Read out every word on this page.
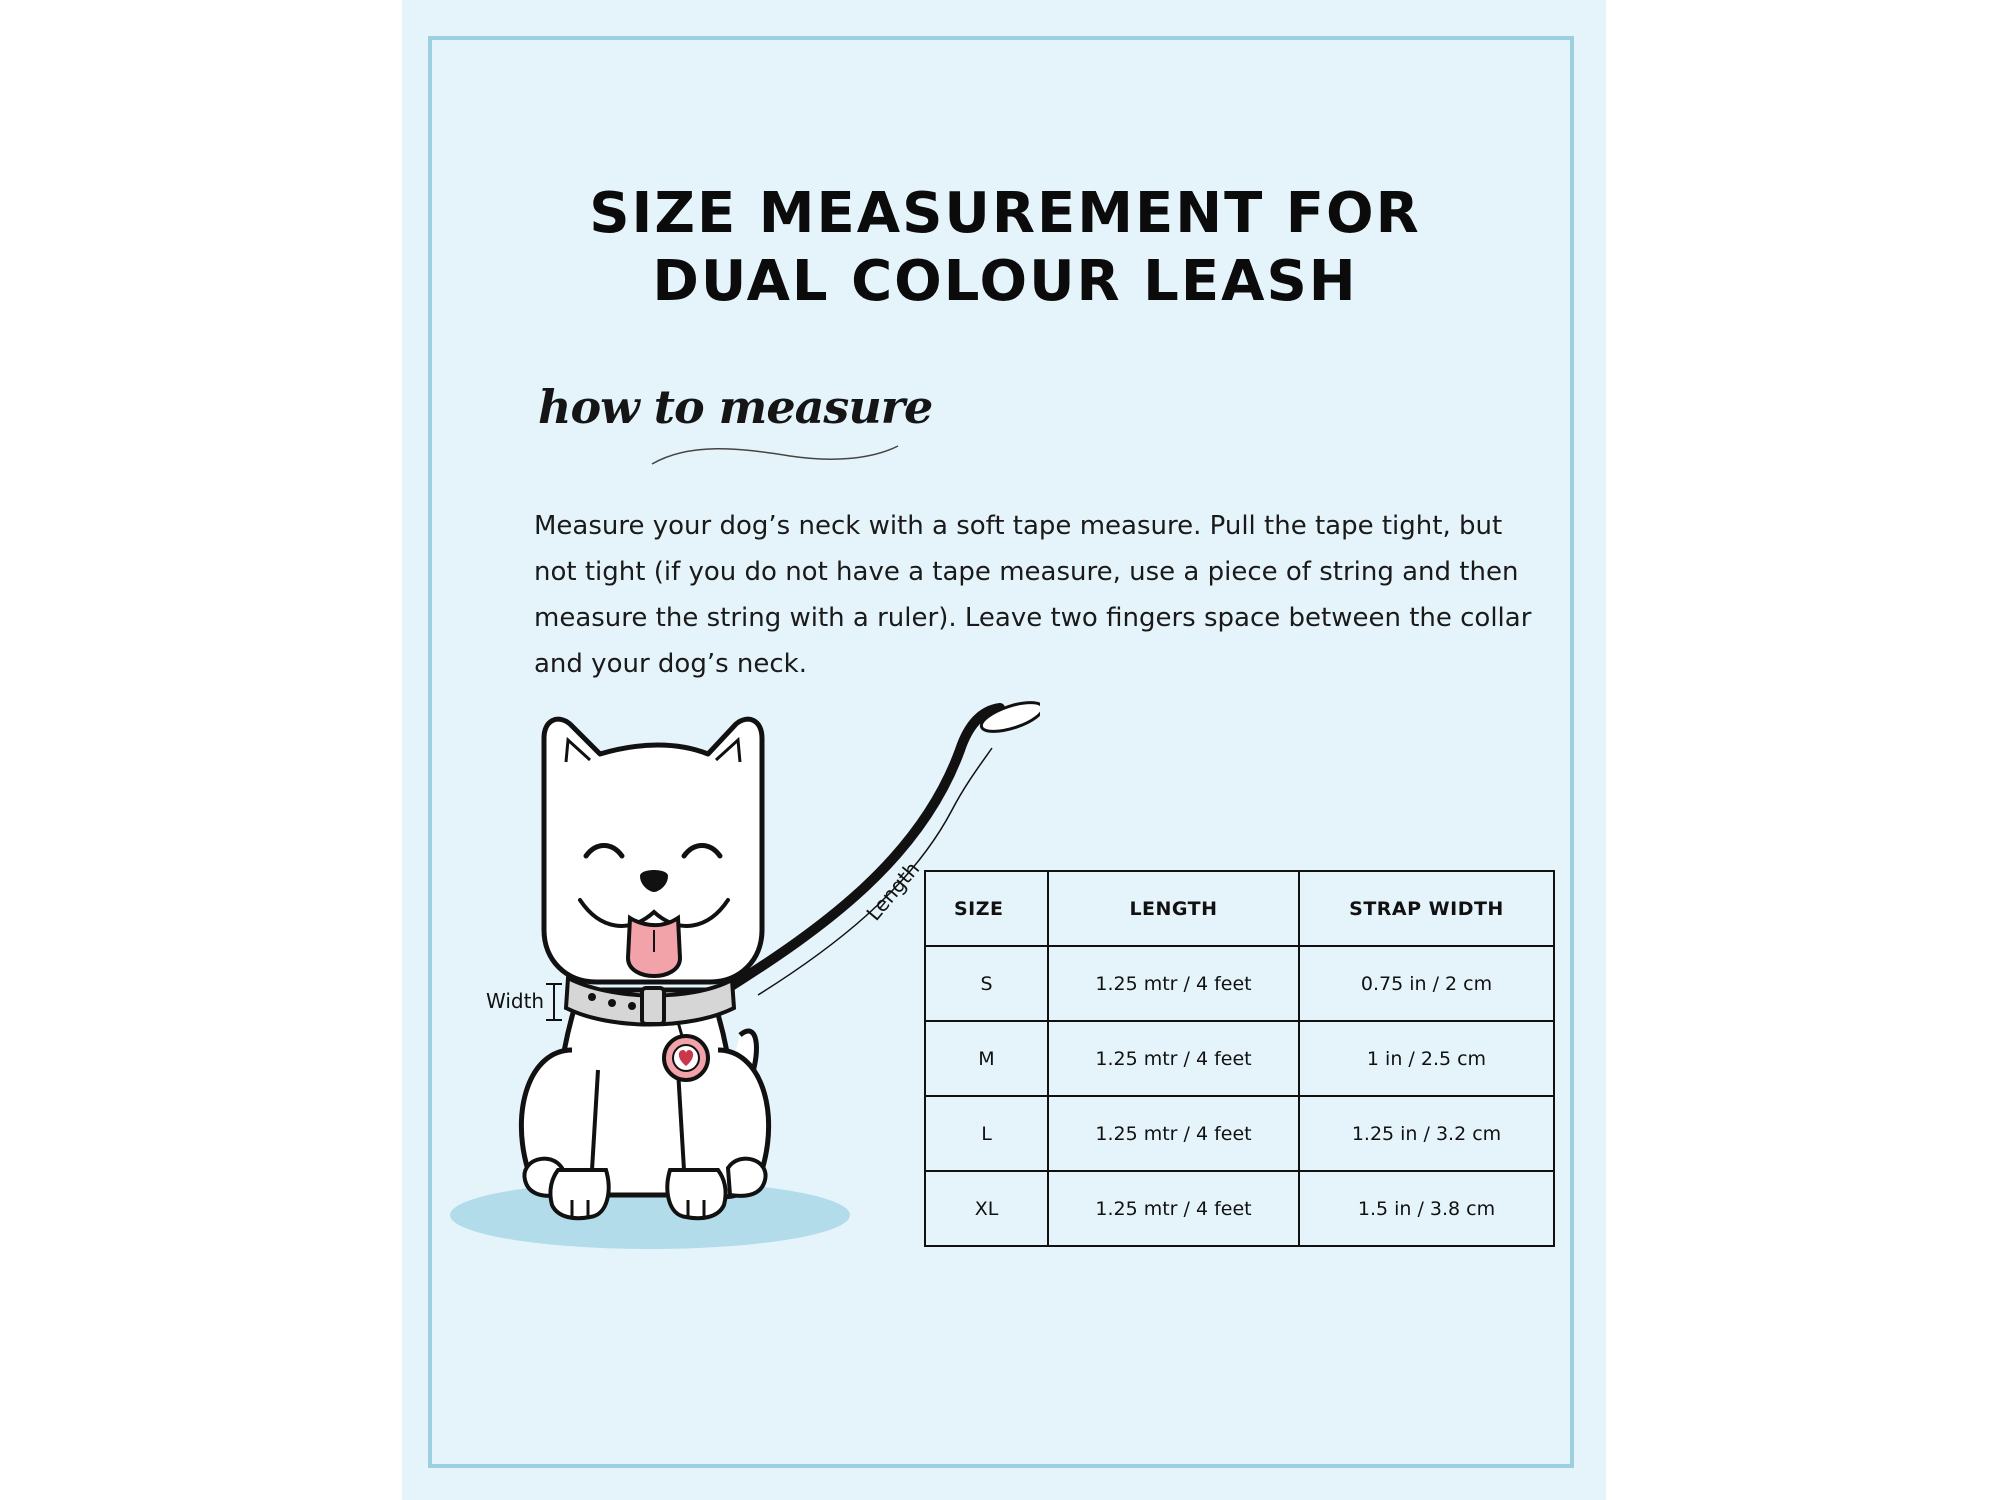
SIZE MEASUREMENT FOR
DUAL COLOUR LEASH
how to measure
Measure your dog’s neck with a soft tape measure. Pull the tape tight, but not tight (if you do not have a tape measure, use a piece of string and then measure the string with a ruler). Leave two fingers space between the collar and your dog’s neck.
Length
Width
SIZE	LENGTH	STRAP WIDTH
S	1.25 mtr / 4 feet	0.75 in / 2 cm
M	1.25 mtr / 4 feet	1 in / 2.5 cm
L	1.25 mtr / 4 feet	1.25 in / 3.2 cm
XL	1.25 mtr / 4 feet	1.5 in / 3.8 cm
